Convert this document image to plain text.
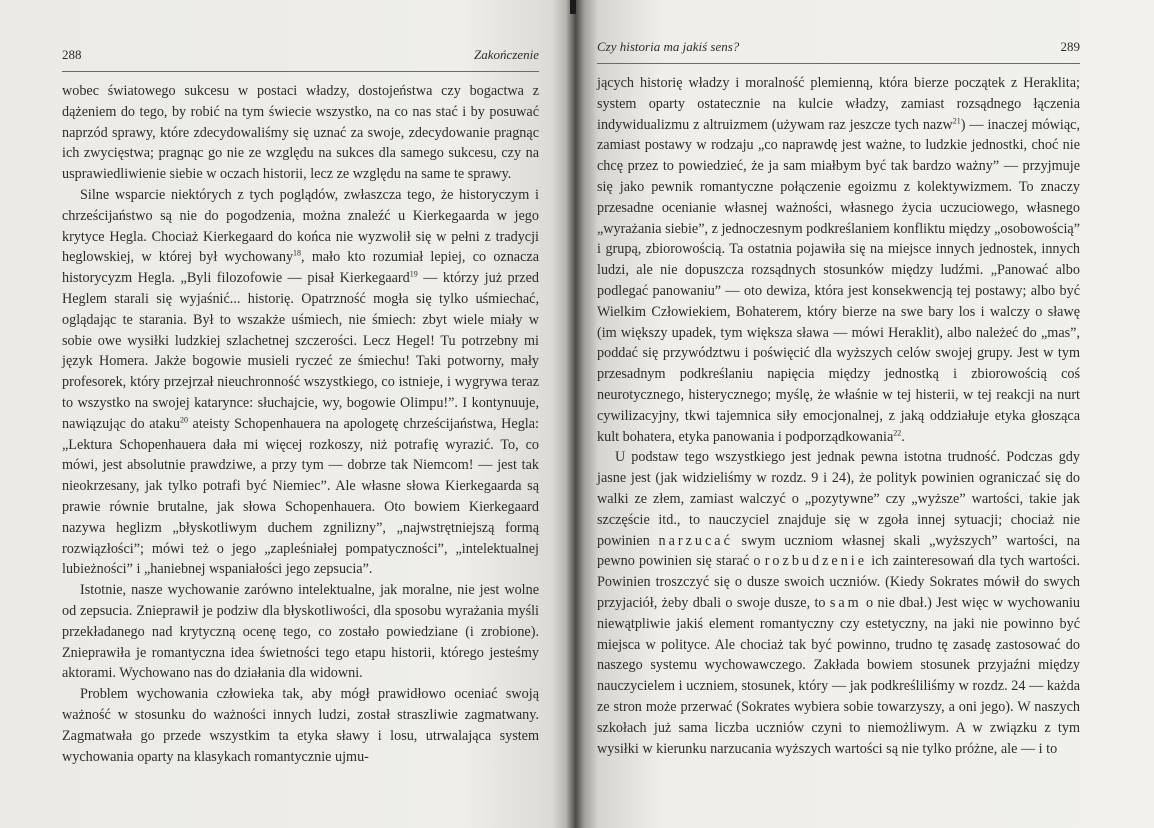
288	Zakończenie

wobec światowego sukcesu w postaci władzy, dostojeństwa czy bogactwa z dążeniem do tego, by robić na tym świecie wszystko, na co nas stać i by posuwać naprzód sprawy, które zdecydowaliśmy się uznać za swoje, zdecydowanie pragnąc ich zwycięstwa; pragnąc go nie ze względu na sukces dla samego sukcesu, czy na usprawiedliwienie siebie w oczach historii, lecz ze względu na same te sprawy.

Silne wsparcie niektórych z tych poglądów, zwłaszcza tego, że historyczym i chrześcijaństwo są nie do pogodzenia, można znaleźć u Kierkegaarda w jego krytyce Hegla. Chociaż Kierkegaard do końca nie wyzwolił się w pełni z tradycji heglowskiej, w której był wychowany$^{18}$, mało kto rozumiał lepiej, co oznacza historycyzm Hegla. „Byli filozofowie — pisał Kierkegaard$^{19}$ — którzy już przed Heglem starali się wyjaśnić... historię. Opatrzność mogła się tylko uśmiechać, oglądając te starania. Był to wszakże uśmiech, nie śmiech: zbyt wiele miały w sobie owe wysiłki ludzkiej szlachetnej szczerości. Lecz Hegel! Tu potrzebny mi język Homera. Jakże bogowie musieli ryczeć ze śmiechu! Taki potworny, mały profesorek, który przejrzał nieuchronność wszystkiego, co istnieje, i wygrywa teraz to wszystko na swojej katarynce: słuchajcie, wy, bogowie Olimpu!”. I kontynuuje, nawiązując do ataku$^{20}$ ateisty Schopenhauera na apologetę chrześcijaństwa, Hegla: „Lektura Schopenhauera dała mi więcej rozkoszy, niż potrafię wyrazić. To, co mówi, jest absolutnie prawdziwe, a przy tym — dobrze tak Niemcom! — jest tak nieokrzesany, jak tylko potrafi być Niemiec”. Ale własne słowa Kierkegaarda są prawie równie brutalne, jak słowa Schopenhauera. Oto bowiem Kierkegaard nazywa heglizm „błyskotliwym duchem zgnilizny”, „najwstrętniejszą formą rozwiązłości”; mówi też o jego „zapleśniałej pompatyczności”, „intelektualnej lubieżności” i „haniebnej wspaniałości jego zepsucia”.

Istotnie, nasze wychowanie zarówno intelektualne, jak moralne, nie jest wolne od zepsucia. Znieprawił je podziw dla błyskotliwości, dla sposobu wyrażania myśli przekładanego nad krytyczną ocenę tego, co zostało powiedziane (i zrobione). Znieprawiła je romantyczna idea świetności tego etapu historii, którego jesteśmy aktorami. Wychowano nas do działania dla widowni.

Problem wychowania człowieka tak, aby mógł prawidłowo oceniać swoją ważność w stosunku do ważności innych ludzi, został straszliwie zagmatwany. Zagmatwała go przede wszystkim ta etyka sławy i losu, utrwalająca system wychowania oparty na klasykach romantycznie ujmu-

Czy historia ma jakiś sens?	289

jących historię władzy i moralność plemienną, która bierze początek z Heraklita; system oparty ostatecznie na kulcie władzy, zamiast rozsądnego łączenia indywidualizmu z altruizmem (używam raz jeszcze tych nazw$^{21}$) — inaczej mówiąc, zamiast postawy w rodzaju „co naprawdę jest ważne, to ludzkie jednostki, choć nie chcę przez to powiedzieć, że ja sam miałbym być tak bardzo ważny” — przyjmuje się jako pewnik romantyczne połączenie egoizmu z kolektywizmem. To znaczy przesadne ocenianie własnej ważności, własnego życia uczuciowego, własnego „wyrażania siebie”, z jednoczesnym podkreślaniem konfliktu między „osobowością” i grupą, zbiorowością. Ta ostatnia pojawiła się na miejsce innych jednostek, innych ludzi, ale nie dopuszcza rozsądnych stosunków między ludźmi. „Panować albo podlegać panowaniu” — oto dewiza, która jest konsekwencją tej postawy; albo być Wielkim Człowiekiem, Bohaterem, który bierze na swe bary los i walczy o sławę (im większy upadek, tym większa sława — mówi Heraklit), albo należeć do „mas”, poddać się przywództwu i poświęcić dla wyższych celów swojej grupy. Jest w tym przesadnym podkreślaniu napięcia między jednostką i zbiorowością coś neurotycznego, histerycznego; myślę, że właśnie w tej histerii, w tej reakcji na nurt cywilizacyjny, tkwi tajemnica siły emocjonalnej, z jaką oddziałuje etyka głosząca kult bohatera, etyka panowania i podporządkowania$^{22}$.

U podstaw tego wszystkiego jest jednak pewna istotna trudność. Podczas gdy jasne jest (jak widzieliśmy w rozdz. 9 i 24), że polityk powinien ograniczać się do walki ze złem, zamiast walczyć o „pozytywne” czy „wyższe” wartości, takie jak szczęście itd., to nauczyciel znajduje się w zgoła innej sytuacji; chociaż nie powinien narzucać swym uczniom własnej skali „wyższych” wartości, na pewno powinien się starać o rozbudzenie ich zainteresowań dla tych wartości. Powinien troszczyć się o dusze swoich uczniów. (Kiedy Sokrates mówił do swych przyjaciół, żeby dbali o swoje dusze, to sam o nie dbał.) Jest więc w wychowaniu niewątpliwie jakiś element romantyczny czy estetyczny, na jaki nie powinno być miejsca w polityce. Ale chociaż tak być powinno, trudno tę zasadę zastosować do naszego systemu wychowawczego. Zakłada bowiem stosunek przyjaźni między nauczycielem i uczniem, stosunek, który — jak podkreśliliśmy w rozdz. 24 — każda ze stron może przerwać (Sokrates wybiera sobie towarzyszy, a oni jego). W naszych szkołach już sama liczba uczniów czyni to niemożliwym. A w związku z tym wysiłki w kierunku narzucania wyższych wartości są nie tylko próżne, ale — i to
